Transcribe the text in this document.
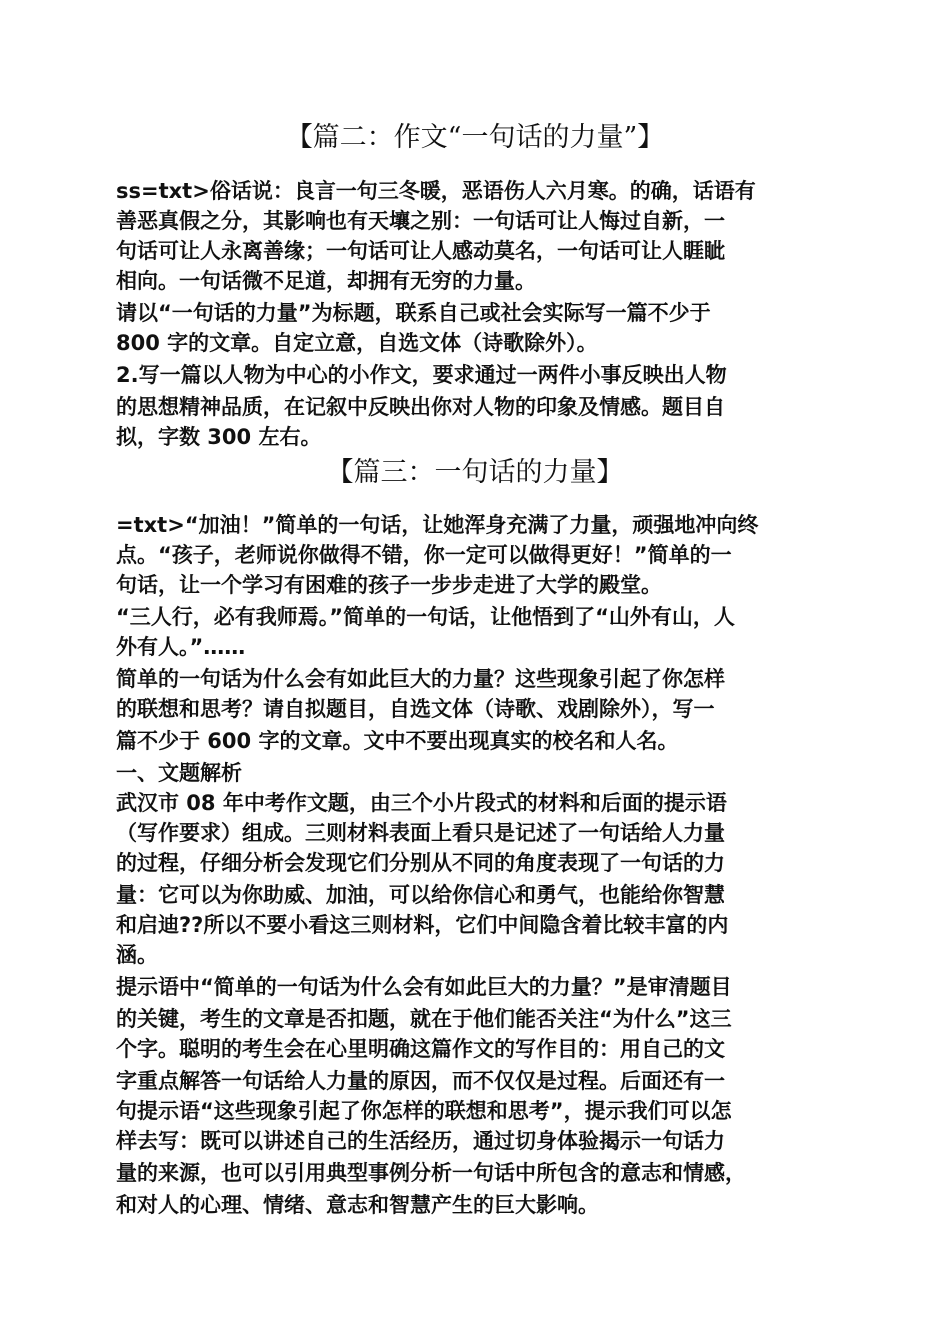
【篇二：作文“一句话的力量”】

ss=txt>俗话说：良言一句三冬暖，恶语伤人六月寒。的确，话语有

善恶真假之分，其影响也有天壤之别：一句话可让人悔过自新，一

句话可让人永离善缘；一句话可让人感动莫名，一句话可让人睚眦

相向。一句话微不足道，却拥有无穷的力量。

请以“一句话的力量”为标题，联系自己或社会实际写一篇不少于

800 字的文章。自定立意，自选文体（诗歌除外）。

2.写一篇以人物为中心的小作文，要求通过一两件小事反映出人物

的思想精神品质，在记叙中反映出你对人物的印象及情感。题目自

拟，字数 300 左右。

【篇三：一句话的力量】

=txt>“加油！”简单的一句话，让她浑身充满了力量，顽强地冲向终

点。“孩子，老师说你做得不错，你一定可以做得更好！”简单的一

句话，让一个学习有困难的孩子一步步走进了大学的殿堂。

“三人行，必有我师焉。”简单的一句话，让他悟到了“山外有山，人

外有人。”……

简单的一句话为什么会有如此巨大的力量？这些现象引起了你怎样

的联想和思考？请自拟题目，自选文体（诗歌、戏剧除外），写一

篇不少于 600 字的文章。文中不要出现真实的校名和人名。

一、文题解析

武汉市 08 年中考作文题，由三个小片段式的材料和后面的提示语

（写作要求）组成。三则材料表面上看只是记述了一句话给人力量

的过程，仔细分析会发现它们分别从不同的角度表现了一句话的力

量：它可以为你助威、加油，可以给你信心和勇气，也能给你智慧

和启迪??所以不要小看这三则材料，它们中间隐含着比较丰富的内

涵。

提示语中“简单的一句话为什么会有如此巨大的力量？”是审清题目

的关键，考生的文章是否扣题，就在于他们能否关注“为什么”这三

个字。聪明的考生会在心里明确这篇作文的写作目的：用自己的文

字重点解答一句话给人力量的原因，而不仅仅是过程。后面还有一

句提示语“这些现象引起了你怎样的联想和思考”，提示我们可以怎

样去写：既可以讲述自己的生活经历，通过切身体验揭示一句话力

量的来源，也可以引用典型事例分析一句话中所包含的意志和情感，

和对人的心理、情绪、意志和智慧产生的巨大影响。
